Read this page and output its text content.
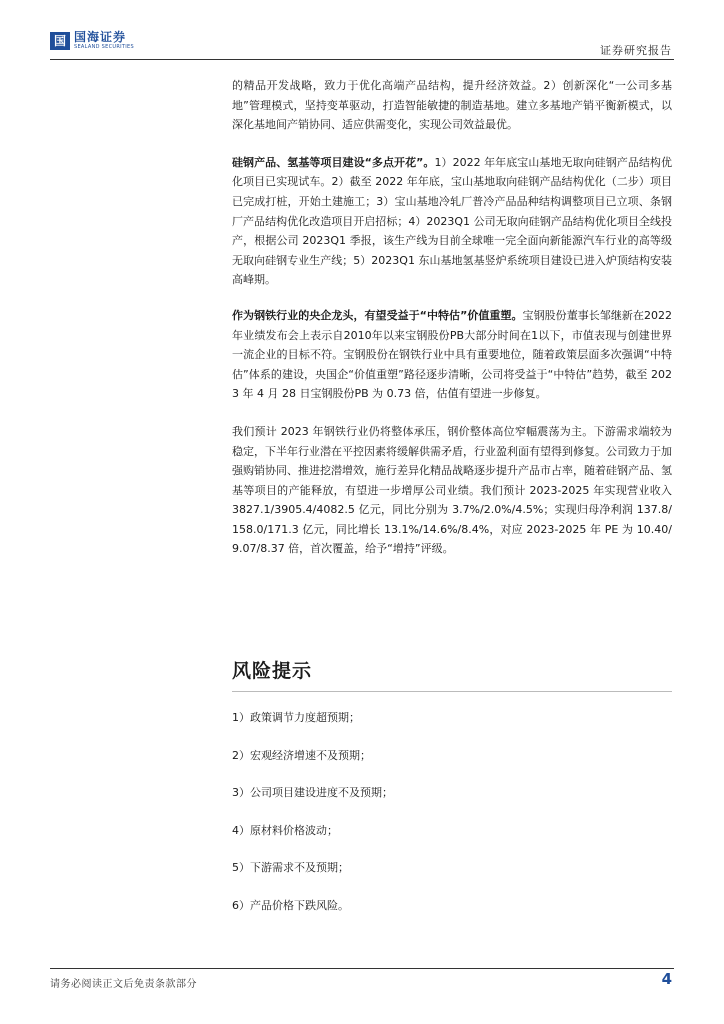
国 国海证券
SEALAND SECURITIES	证券研究报告

的精品开发战略，致力于优化高端产品结构，提升经济效益。2）创新深化“一公司多基地”管理模式，坚持变革驱动，打造智能敏捷的制造基地。建立多基地产销平衡新模式，以深化基地间产销协同、适应供需变化，实现公司效益最优。

硅钢产品、氢基等项目建设“多点开花”。1）2022 年年底宝山基地无取向硅钢产品结构优化项目已实现试车。2）截至 2022 年年底，宝山基地取向硅钢产品结构优化（二步）项目已完成打桩，开始土建施工；3）宝山基地冷轧厂普冷产品品种结构调整项目已立项、条钢厂产品结构优化改造项目开启招标；4）2023Q1 公司无取向硅钢产品结构优化项目全线投产，根据公司 2023Q1 季报，该生产线为目前全球唯一完全面向新能源汽车行业的高等级无取向硅钢专业生产线；5）2023Q1 东山基地氢基竖炉系统项目建设已进入炉顶结构安装高峰期。

作为钢铁行业的央企龙头，有望受益于“中特估”价值重塑。宝钢股份董事长邹继新在2022年业绩发布会上表示自2010年以来宝钢股份PB大部分时间在1以下，市值表现与创建世界一流企业的目标不符。宝钢股份在钢铁行业中具有重要地位，随着政策层面多次强调“中特估”体系的建设，央国企“价值重塑”路径逐步清晰，公司将受益于“中特估”趋势，截至 2023 年 4 月 28 日宝钢股份PB 为 0.73 倍，估值有望进一步修复。

我们预计 2023 年钢铁行业仍将整体承压，钢价整体高位窄幅震荡为主。下游需求端较为稳定，下半年行业潜在平控因素将缓解供需矛盾，行业盈利面有望得到修复。公司致力于加强购销协同、推进挖潜增效，施行差异化精品战略逐步提升产品市占率，随着硅钢产品、氢基等项目的产能释放，有望进一步增厚公司业绩。我们预计 2023-2025 年实现营业收入 3827.1/3905.4/4082.5 亿元，同比分别为 3.7%/2.0%/4.5%；实现归母净利润 137.8/158.0/171.3 亿元，同比增长 13.1%/14.6%/8.4%，对应 2023-2025 年 PE 为 10.40/9.07/8.37 倍，首次覆盖，给予“增持”评级。

风险提示
1）政策调节力度超预期；
2）宏观经济增速不及预期；
3）公司项目建设进度不及预期；
4）原材料价格波动；
5）下游需求不及预期；
6）产品价格下跌风险。
请务必阅读正文后免责条款部分	4
